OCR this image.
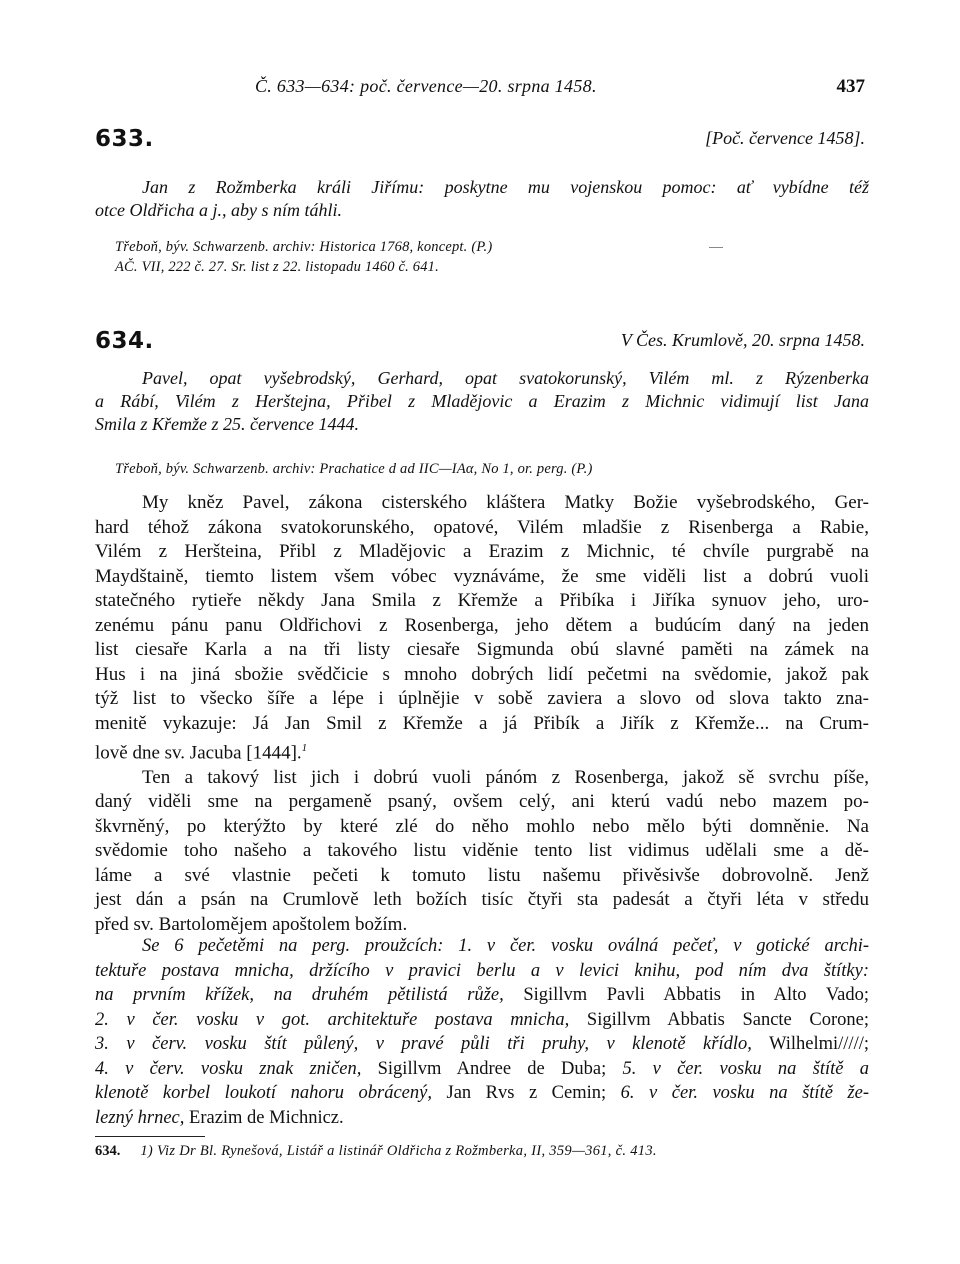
Č. 633—634: poč. července—20. srpna 1458.	437
633.	[Poč. července 1458].
Jan z Rožmberka králi Jiřímu: poskytne mu vojenskou pomoc: ať vybídne též
otce Oldřicha a j., aby s ním táhli.
Třeboň, býv. Schwarzenb. archiv: Historica 1768, koncept. (P.)
AČ. VII, 222 č. 27. Sr. list z 22. listopadu 1460 č. 641.
634.	V Čes. Krumlově, 20. srpna 1458.
Pavel, opat vyšebrodský, Gerhard, opat svatokorunský, Vilém ml. z Rýzenberka
a Rábí, Vilém z Herštejna, Přibel z Mladějovic a Erazim z Michnic vidimují list Jana
Smila z Křemže z 25. července 1444.
Třeboň, býv. Schwarzenb. archiv: Prachatice d ad IIC—IAα, No 1, or. perg. (P.)
My kněz Pavel, zákona cisterského kláštera Matky Božie vyšebrodského, Ger-
hard téhož zákona svatokorunského, opatové, Vilém mladšie z Risenberga a Rabie,
Vilém z Heršteina, Přibl z Mladějovic a Erazim z Michnic, té chvíle purgrabě na
Maydštaině, tiemto listem všem vóbec vyznáváme, že sme viděli list a dobrú vuoli
statečného rytieře někdy Jana Smila z Křemže a Přibíka i Jiříka synuov jeho, uro-
zenému pánu panu Oldřichovi z Rosenberga, jeho dětem a budúcím daný na jeden
list ciesaře Karla a na tři listy ciesaře Sigmunda obú slavné paměti na zámek na
Hus i na jiná sbožie svědčicie s mnoho dobrých lidí pečetmi na svědomie, jakož pak
týž list to všecko šíře a lépe i úplnějie v sobě zaviera a slovo od slova takto zna-
menitě vykazuje: Já Jan Smil z Křemže a já Přibík a Jiřík z Křemže... na Crum-
lově dne sv. Jacuba [1444].$^1$
Ten a takový list jich i dobrú vuoli pánóm z Rosenberga, jakož sě svrchu píše,
daný viděli sme na pergameně psaný, ovšem celý, ani kterú vadú nebo mazem po-
škvrněný, po kterýžto by které zlé do něho mohlo nebo mělo býti domněnie. Na
svědomie toho našeho a takového listu viděnie tento list vidimus udělali sme a dě-
láme a své vlastnie pečeti k tomuto listu našemu přivěsivše dobrovolně. Jenž
jest dán a psán na Crumlově leth božích tisíc čtyři sta padesát a čtyři léta v středu
před sv. Bartolomějem apoštolem božím.
Se 6 pečetěmi na perg. proužcích: 1. v čer. vosku oválná pečeť, v gotické archi-
tektuře postava mnicha, držícího v pravici berlu a v levici knihu, pod ním dva štítky:
na prvním křížek, na druhém pětilistá růže, Sigillvm Pavli Abbatis in Alto Vado;
2. v čer. vosku v got. architektuře postava mnicha, Sigillvm Abbatis Sancte Corone;
3. v červ. vosku štít půlený, v pravé půli tři pruhy, v klenotě křídlo, Wilhelmi/////;
4. v červ. vosku znak zničen, Sigillvm Andree de Duba; 5. v čer. vosku na štítě a
klenotě korbel loukotí nahoru obrácený, Jan Rvs z Cemin; 6. v čer. vosku na štítě že-
lezný hrnec, Erazim de Michnicz.
634. 1) Viz Dr Bl. Rynešová, Listář a listinář Oldřicha z Rožmberka, II, 359—361, č. 413.
